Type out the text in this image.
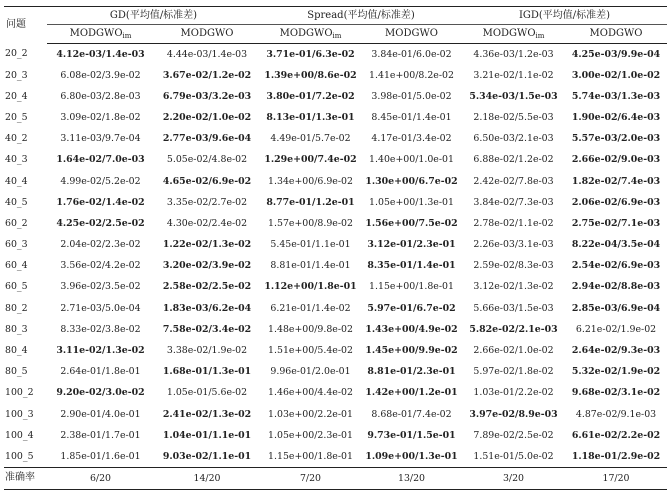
问题	GD(平均值/标准差)		Spread(平均值/标准差)		IGD(平均值/标准差)	
	$MODGWO_{im}$	MODGWO	$MODGWO_{im}$	MODGWO	$MODGWO_{im}$	MODGWO
20_2	4.12e-03/1.4e-03	4.44e-03/1.4e-03	3.71e-01/6.3e-02	3.84e-01/6.0e-02	4.36e-03/1.2e-03	4.25e-03/9.9e-04
20_3	6.08e-02/3.9e-02	3.67e-02/1.2e-02	1.39e+00/8.6e-02	1.41e+00/8.2e-02	3.21e-02/1.1e-02	3.00e-02/1.0e-02
20_4	6.80e-03/2.8e-03	6.79e-03/3.2e-03	3.80e-01/7.2e-02	3.98e-01/5.0e-02	5.34e-03/1.5e-03	5.74e-03/1.3e-03
20_5	3.09e-02/1.8e-02	2.20e-02/1.0e-02	8.13e-01/1.3e-01	8.45e-01/1.4e-01	2.18e-02/5.5e-03	1.90e-02/6.4e-03
40_2	3.11e-03/9.7e-04	2.77e-03/9.6e-04	4.49e-01/5.7e-02	4.17e-01/3.4e-02	6.50e-03/2.1e-03	5.57e-03/2.0e-03
40_3	1.64e-02/7.0e-03	5.05e-02/4.8e-02	1.29e+00/7.4e-02	1.40e+00/1.0e-01	6.88e-02/1.2e-02	2.66e-02/9.0e-03
40_4	4.99e-02/5.2e-02	4.65e-02/6.9e-02	1.34e+00/6.9e-02	1.30e+00/6.7e-02	2.42e-02/7.8e-03	1.82e-02/7.4e-03
40_5	1.76e-02/1.4e-02	3.35e-02/2.7e-02	8.77e-01/1.2e-01	1.05e+00/1.3e-01	3.84e-02/7.3e-03	2.06e-02/6.9e-03
60_2	4.25e-02/2.5e-02	4.30e-02/2.4e-02	1.57e+00/8.9e-02	1.56e+00/7.5e-02	2.78e-02/1.1e-02	2.75e-02/7.1e-03
60_3	2.04e-02/2.3e-02	1.22e-02/1.3e-02	5.45e-01/1.1e-01	3.12e-01/2.3e-01	2.26e-03/3.1e-03	8.22e-04/3.5e-04
60_4	3.56e-02/4.2e-02	3.20e-02/3.9e-02	8.81e-01/1.4e-01	8.35e-01/1.4e-01	2.59e-02/8.3e-03	2.54e-02/6.9e-03
60_5	3.96e-02/3.5e-02	2.58e-02/2.5e-02	1.12e+00/1.8e-01	1.15e+00/1.8e-01	3.12e-02/1.3e-02	2.94e-02/8.8e-03
80_2	2.71e-03/5.0e-04	1.83e-03/6.2e-04	6.21e-01/1.4e-02	5.97e-01/6.7e-02	5.66e-03/1.5e-03	2.85e-03/6.9e-04
80_3	8.33e-02/3.8e-02	7.58e-02/3.4e-02	1.48e+00/9.8e-02	1.43e+00/4.9e-02	5.82e-02/2.1e-03	6.21e-02/1.9e-02
80_4	3.11e-02/1.3e-02	3.38e-02/1.9e-02	1.51e+00/5.4e-02	1.45e+00/9.9e-02	2.66e-02/1.0e-02	2.64e-02/9.3e-03
80_5	2.64e-01/1.8e-01	1.68e-01/1.3e-01	9.96e-01/2.0e-01	8.81e-01/2.3e-01	5.97e-02/1.8e-02	5.32e-02/1.9e-02
100_2	9.20e-02/3.0e-02	1.05e-01/5.6e-02	1.46e+00/4.4e-02	1.42e+00/1.2e-01	1.03e-01/2.2e-02	9.68e-02/3.1e-02
100_3	2.90e-01/4.0e-01	2.41e-02/1.3e-02	1.03e+00/2.2e-01	8.68e-01/7.4e-02	3.97e-02/8.9e-03	4.87e-02/9.1e-03
100_4	2.38e-01/1.7e-01	1.04e-01/1.1e-01	1.05e+00/2.3e-01	9.73e-01/1.5e-01	7.89e-02/2.5e-02	6.61e-02/2.2e-02
100_5	1.85e-01/1.6e-01	9.03e-02/1.1e-01	1.15e+00/1.8e-01	1.09e+00/1.3e-01	1.51e-01/5.0e-02	1.18e-01/2.9e-02
准确率	6/20	14/20	7/20	13/20	3/20	17/20
